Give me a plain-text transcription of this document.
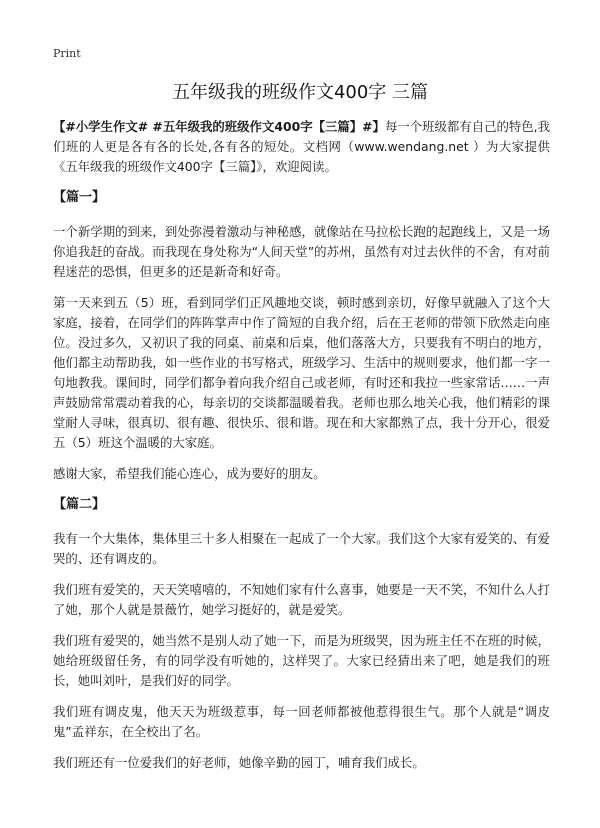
Print
五年级我的班级作文400字 三篇

【#小学生作文# #五年级我的班级作文400字【三篇】#】每一个班级都有自己的特色,我们班的人更是各有各的长处,各有各的短处。文档网（www.wendang.net ）为大家提供《五年级我的班级作文400字【三篇】》，欢迎阅读。

【篇一】

一个新学期的到来，到处弥漫着激动与神秘感，就像站在马拉松长跑的起跑线上，又是一场你追我赶的奋战。而我现在身处称为“人间天堂”的苏州，虽然有对过去伙伴的不舍，有对前程迷茫的恐惧，但更多的还是新奇和好奇。

第一天来到五（5）班，看到同学们正风趣地交谈，顿时感到亲切，好像早就融入了这个大家庭，接着，在同学们的阵阵掌声中作了简短的自我介绍，后在王老师的带领下欣然走向座位。没过多久，又初识了我的同桌、前桌和后桌，他们落落大方，只要我有不明白的地方，他们都主动帮助我，如一些作业的书写格式，班级学习、生活中的规则要求，他们都一字一句地教我。课间时，同学们都争着向我介绍自己或老师，有时还和我拉一些家常话……一声声鼓励常常震动着我的心，每亲切的交谈都温暖着我。老师也那么地关心我，他们精彩的课堂耐人寻味，很真切、很有趣、很快乐、很和谐。现在和大家都熟了点，我十分开心，很爱五（5）班这个温暖的大家庭。

感谢大家，希望我们能心连心，成为要好的朋友。

【篇二】

我有一个大集体，集体里三十多人相聚在一起成了一个大家。我们这个大家有爱笑的、有爱哭的、还有调皮的。

我们班有爱笑的，天天笑嘻嘻的，不知她们家有什么喜事，她要是一天不笑，不知什么人打了她，那个人就是景薇竹，她学习挺好的，就是爱笑。

我们班有爱哭的，她当然不是别人动了她一下，而是为班级哭，因为班主任不在班的时候，她给班级留任务，有的同学没有听她的，这样哭了。大家已经猜出来了吧，她是我们的班长，她叫刘叶，是我们好的同学。

我们班有调皮鬼，他天天为班级惹事，每一回老师都被他惹得很生气。那个人就是“调皮鬼”孟祥东，在全校出了名。

我们班还有一位爱我们的好老师，她像辛勤的园丁，哺育我们成长。
